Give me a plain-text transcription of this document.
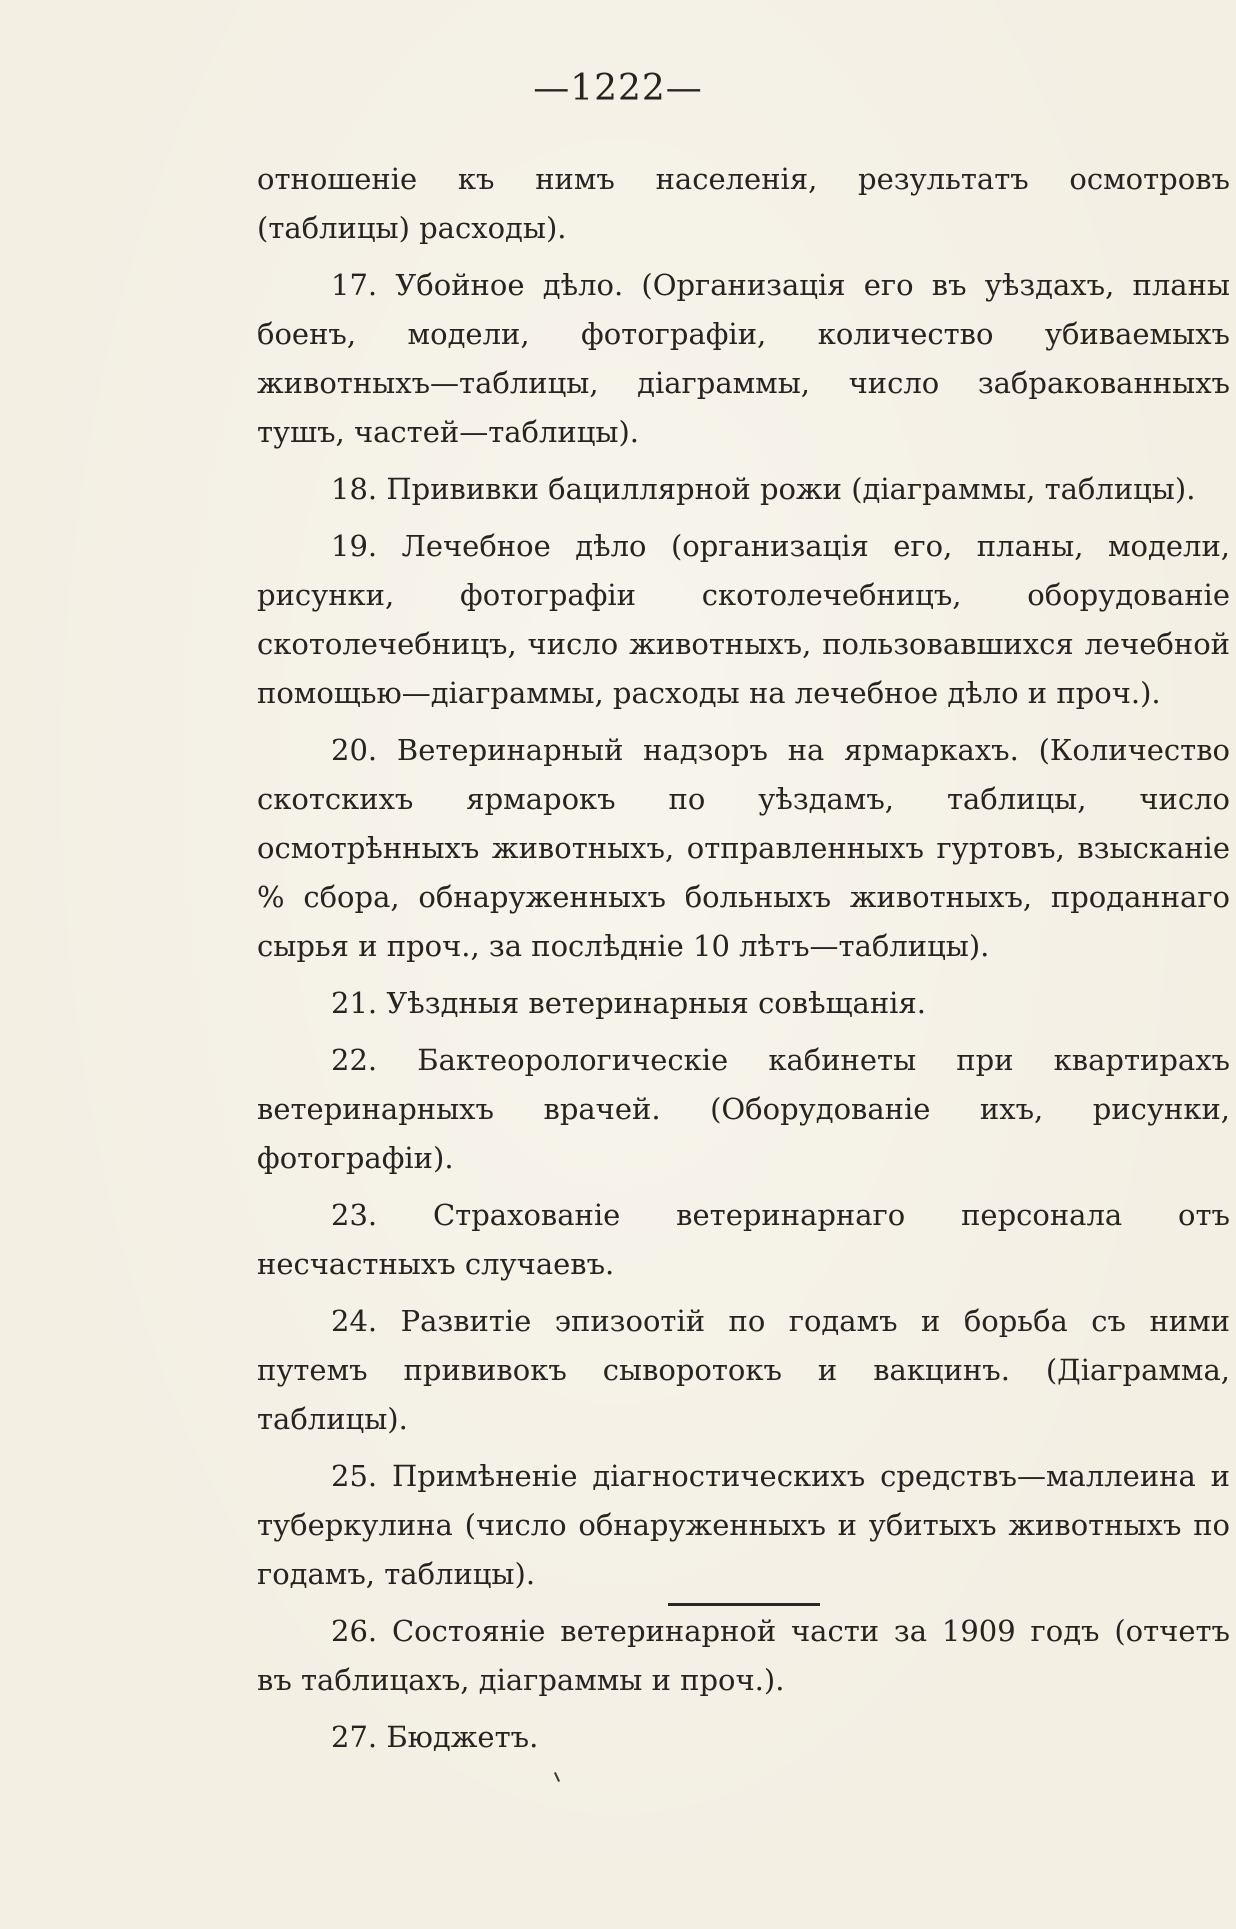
—1222—

отношеніе къ нимъ населенія, результатъ осмотровъ (таблицы) расходы).

17. Убойное дѣло. (Организація его въ уѣздахъ, планы боенъ, модели, фотографіи, количество убиваемыхъ животныхъ—таблицы, діаграммы, число забракованныхъ тушъ, частей—таблицы).

18. Прививки бациллярной рожи (діаграммы, таблицы).

19. Лечебное дѣло (организація его, планы, модели, рисунки, фотографіи скотолечебницъ, оборудованіе скотолечебницъ, число животныхъ, пользовавшихся лечебной помощью—діаграммы, расходы на лечебное дѣло и проч.).

20. Ветеринарный надзоръ на ярмаркахъ. (Количество скотскихъ ярмарокъ по уѣздамъ, таблицы, число осмотрѣнныхъ животныхъ, отправленныхъ гуртовъ, взысканіе % сбора, обнаруженныхъ больныхъ животныхъ, проданнаго сырья и проч., за послѣдніе 10 лѣтъ—таблицы).

21. Уѣздныя ветеринарныя совѣщанія.

22. Бактеорологическіе кабинеты при квартирахъ ветеринарныхъ врачей. (Оборудованіе ихъ, рисунки, фотографіи).

23. Страхованіе ветеринарнаго персонала отъ несчастныхъ случаевъ.

24. Развитіе эпизоотій по годамъ и борьба съ ними путемъ прививокъ сыворотокъ и вакцинъ. (Діаграмма, таблицы).

25. Примѣненіе діагностическихъ средствъ—маллеина и туберкулина (число обнаруженныхъ и убитыхъ животныхъ по годамъ, таблицы).

26. Состояніе ветеринарной части за 1909 годъ (отчетъ въ таблицахъ, діаграммы и проч.).

27. Бюджетъ.
